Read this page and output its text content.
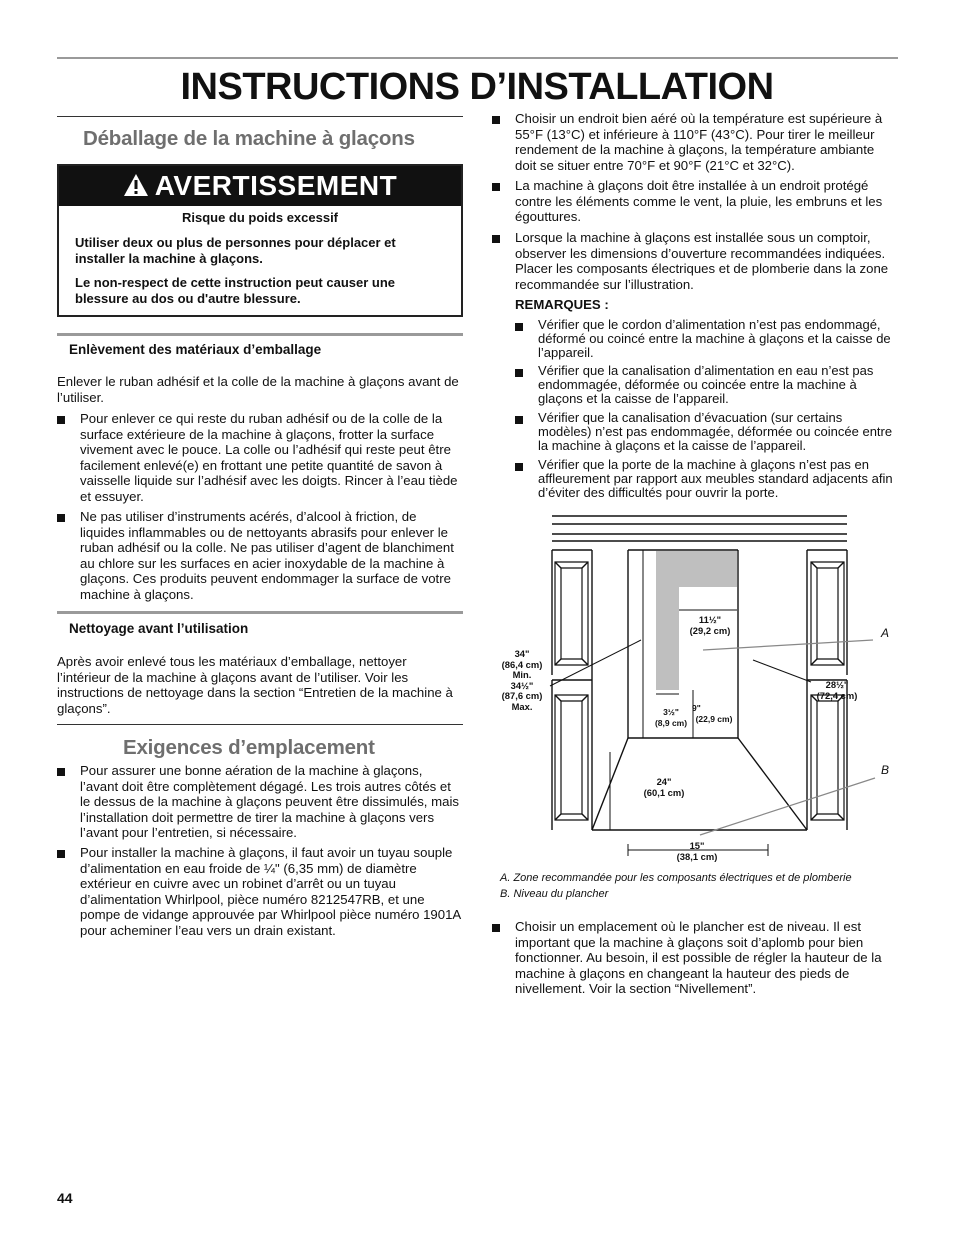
INSTRUCTIONS D’INSTALLATION
Déballage de la machine à glaçons
AVERTISSEMENT
Risque du poids excessif
Utiliser deux ou plus de personnes pour déplacer et installer la machine à glaçons.
Le non-respect de cette instruction peut causer une blessure au dos ou d'autre blessure.
Enlèvement des matériaux d’emballage

Enlever le ruban adhésif et la colle de la machine à glaçons avant de l’utiliser.

Pour enlever ce qui reste du ruban adhésif ou de la colle de la surface extérieure de la machine à glaçons, frotter la surface vivement avec le pouce. La colle ou l’adhésif qui reste peut être facilement enlevé(e) en frottant une petite quantité de savon à vaisselle liquide sur l’adhésif avec les doigts. Rincer à l’eau tiède et essuyer.
Ne pas utiliser d’instruments acérés, d’alcool à friction, de liquides inflammables ou de nettoyants abrasifs pour enlever le ruban adhésif ou la colle. Ne pas utiliser d’agent de blanchiment au chlore sur les surfaces en acier inoxydable de la machine à glaçons. Ces produits peuvent endommager la surface de votre machine à glaçons.
Nettoyage avant l’utilisation

Après avoir enlevé tous les matériaux d’emballage, nettoyer l’intérieur de la machine à glaçons avant de l’utiliser. Voir les instructions de nettoyage dans la section “Entretien de la machine à glaçons”.

Exigences d’emplacement
Pour assurer une bonne aération de la machine à glaçons, l’avant doit être complètement dégagé. Les trois autres côtés et le dessus de la machine à glaçons peuvent être dissimulés, mais l’installation doit permettre de tirer la machine à glaçons vers l’avant pour l’entretien, si nécessaire.
Pour installer la machine à glaçons, il faut avoir un tuyau souple d’alimentation en eau froide de ¼" (6,35 mm) de diamètre extérieur en cuivre avec un robinet d’arrêt ou un tuyau d’alimentation Whirlpool, pièce numéro 8212547RB, et une pompe de vidange approuvée par Whirlpool pièce numéro 1901A pour acheminer l’eau vers un drain existant.
Choisir un endroit bien aéré où la température est supérieure à 55°F (13°C) et inférieure à 110°F (43°C). Pour tirer le meilleur rendement de la machine à glaçons, la température ambiante doit se situer entre 70°F et 90°F (21°C et 32°C).
La machine à glaçons doit être installée à un endroit protégé contre les éléments comme le vent, la pluie, les embruns et les égouttures.
Lorsque la machine à glaçons est installée sous un comptoir, observer les dimensions d’ouverture recommandées indiquées. Placer les composants électriques et de plomberie dans la zone recommandée sur l’illustration.
REMARQUES :
Vérifier que le cordon d’alimentation n’est pas endommagé, déformé ou coincé entre la machine à glaçons et la caisse de l’appareil.
Vérifier que la canalisation d’alimentation en eau n’est pas endommagée, déformée ou coincée entre la machine à glaçons et la caisse de l’appareil.
Vérifier que la canalisation d’évacuation (sur certains modèles) n’est pas endommagée, déformée ou coincée entre la machine à glaçons et la caisse de l’appareil.
Vérifier que la porte de la machine à glaçons n’est pas en affleurement par rapport aux meubles standard adjacents afin d’éviter des difficultés pour ouvrir la porte.
34"
(86,4 cm)
Min.
34½"
(87,6 cm)
Max.
11½"
(29,2 cm)
28½"
(72,4 cm)
3½"
(8,9 cm)
9"
(22,9 cm)
24"
(60,1 cm)
15"
(38,1 cm)
A
B
A. Zone recommandée pour les composants électriques et de plomberie
B. Niveau du plancher
Choisir un emplacement où le plancher est de niveau. Il est important que la machine à glaçons soit d’aplomb pour bien fonctionner. Au besoin, il est possible de régler la hauteur de la machine à glaçons en changeant la hauteur des pieds de nivellement. Voir la section “Nivellement”.
44
